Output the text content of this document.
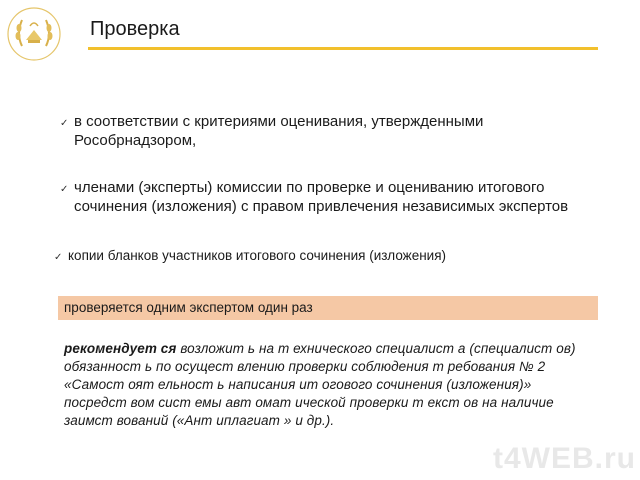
Проверка
✓ в соответствии с критериями оценивания, утвержденными Рособрнадзором,
✓ членами (эксперты) комиссии по проверке и оцениванию итогового сочинения (изложения) с правом привлечения независимых экспертов
✓ копии бланков участников итогового сочинения (изложения)
проверяется одним экспертом один раз
рекомендует ся возложит ь на т ехнического специалист а (специалист ов) обязанност ь по осущест влению проверки соблюдения т ребования № 2 «Самост оят ельност ь написания ит огового сочинения (изложения)» посредст вом сист емы авт омат ической проверки т екст ов на наличие заимст вований («Ант иплагиат » и др.).
t4WEB.ru
